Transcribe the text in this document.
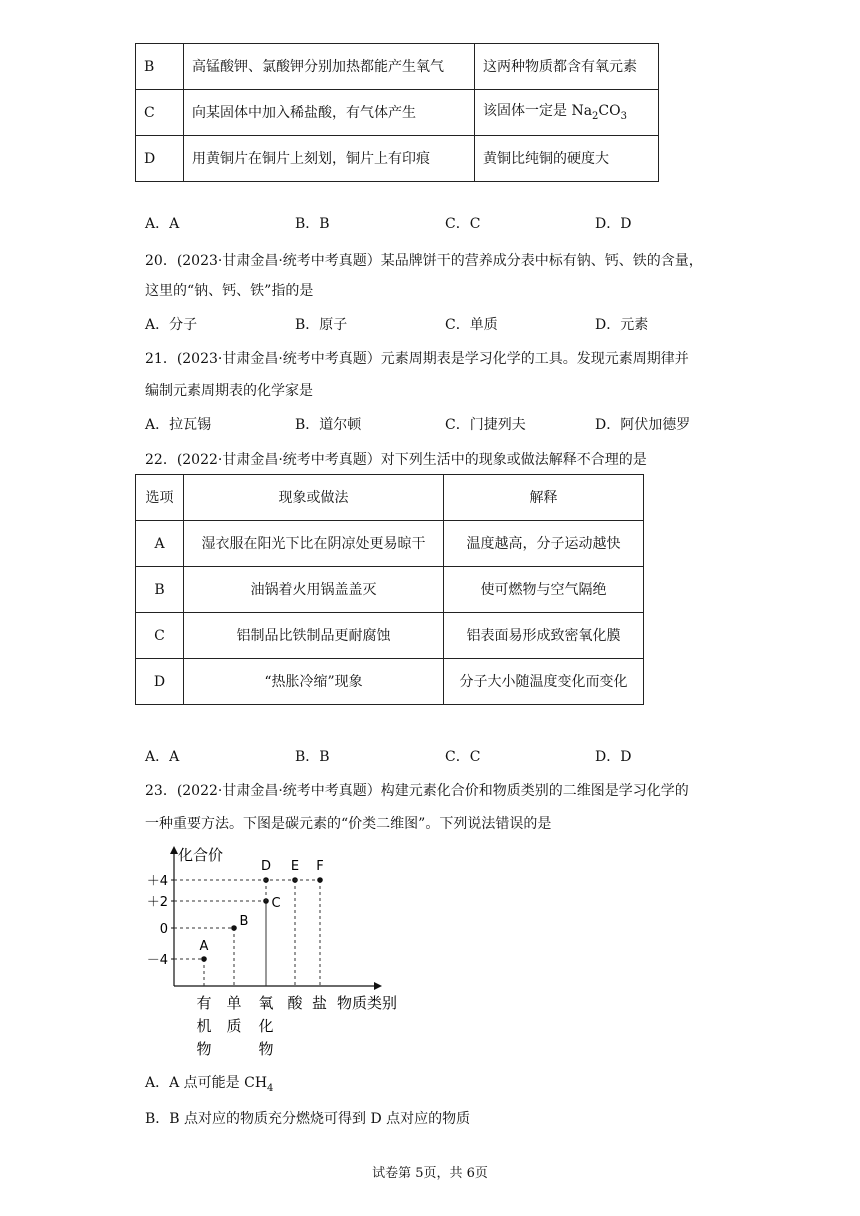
B	高锰酸钾、氯酸钾分别加热都能产生氧气	这两种物质都含有氧元素
C	向某固体中加入稀盐酸，有气体产生	该固体一定是 $Na_2CO_3$
D	用黄铜片在铜片上刻划，铜片上有印痕	黄铜比纯铜的硬度大
A．A	B．B	C．C	D．D
20．(2023·甘肃金昌·统考中考真题）某品牌饼干的营养成分表中标有钠、钙、铁的含量，
这里的“钠、钙、铁”指的是
A．分子	B．原子	C．单质	D．元素
21．(2023·甘肃金昌·统考中考真题）元素周期表是学习化学的工具。发现元素周期律并
编制元素周期表的化学家是
A．拉瓦锡	B．道尔顿	C．门捷列夫	D．阿伏加德罗
22．(2022·甘肃金昌·统考中考真题）对下列生活中的现象或做法解释不合理的是
选项	现象或做法	解释
A	湿衣服在阳光下比在阴凉处更易晾干	温度越高，分子运动越快
B	油锅着火用锅盖盖灭	使可燃物与空气隔绝
C	铝制品比铁制品更耐腐蚀	铝表面易形成致密氧化膜
D	“热胀冷缩”现象	分子大小随温度变化而变化
A．A	B．B	C．C	D．D
23．(2022·甘肃金昌·统考中考真题）构建元素化合价和物质类别的二维图是学习化学的
一种重要方法。下图是碳元素的“价类二维图”。下列说法错误的是
化合价
物质类别
＋4
＋2
0
－4
有
机
物
单
质
氧
化
物
酸 盐
A
B
C
D E F
A．A 点可能是 $CH_4$
B．B 点对应的物质充分燃烧可得到 D 点对应的物质
试卷第 5页，共 6页
